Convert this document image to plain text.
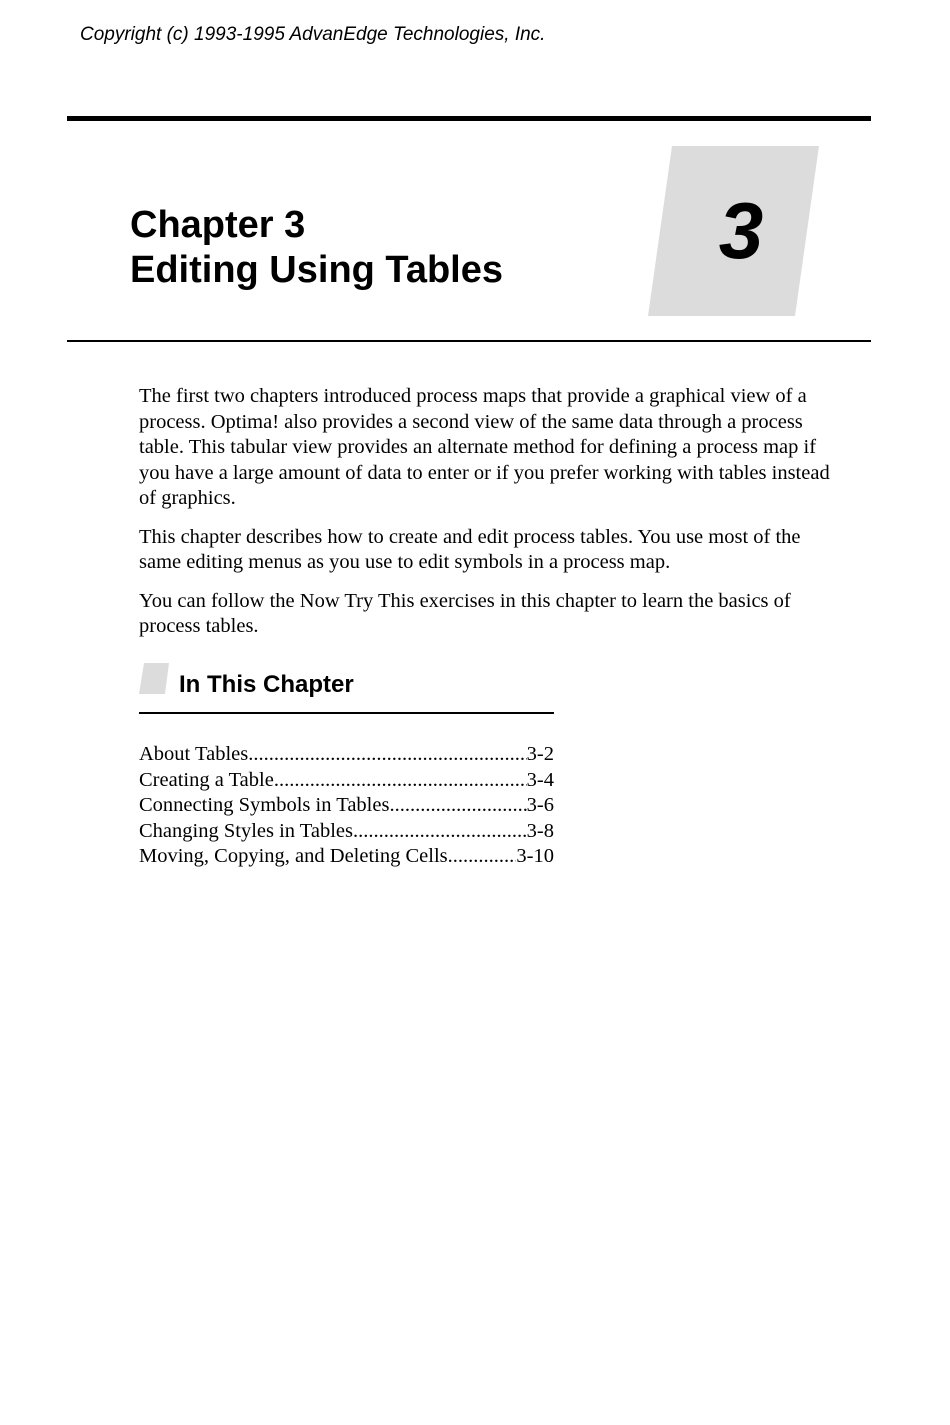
Copyright (c) 1993-1995 AdvanEdge Technologies, Inc.

Chapter 3
Editing Using Tables	3

The first two chapters introduced process maps that provide a graphical view of a process. Optima! also provides a second view of the same data through a process table. This tabular view provides an alternate method for defining a process map if you have a large amount of data to enter or if you prefer working with tables instead of graphics.

This chapter describes how to create and edit process tables. You use most of the same editing menus as you use to edit symbols in a process map.

You can follow the Now Try This exercises in this chapter to learn the basics of process tables.

In This Chapter
About Tables .....	3-2
Creating a Table .....	3-4
Connecting Symbols in Tables .....	3-6
Changing Styles in Tables .....	3-8
Moving, Copying, and Deleting Cells .....	3-10
